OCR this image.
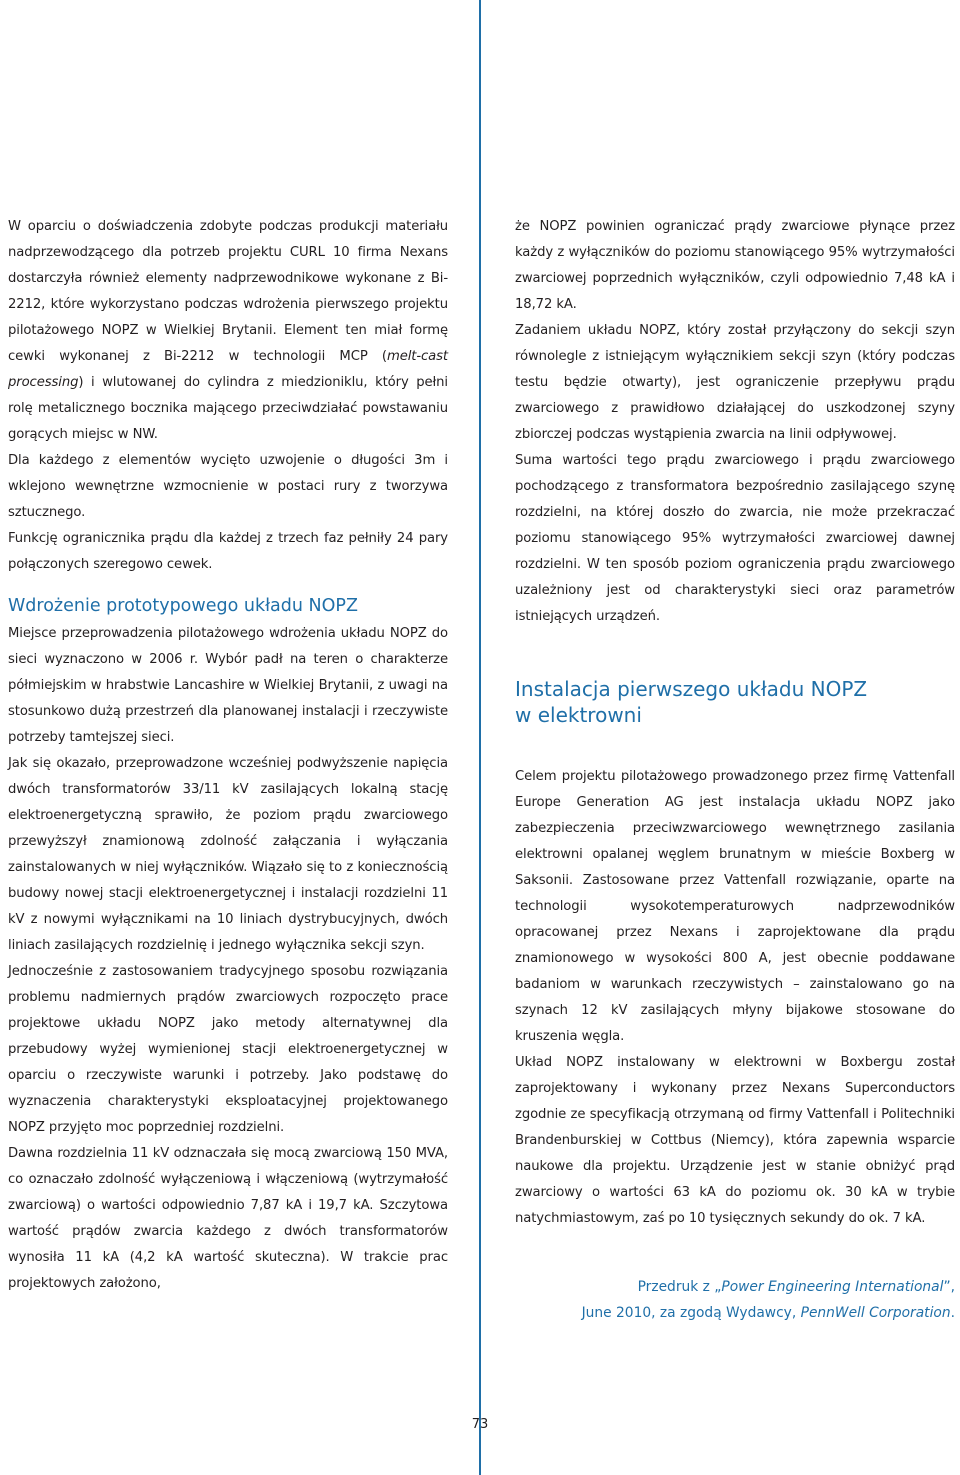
W oparciu o doświadczenia zdobyte podczas produkcji materiału nadprzewodzącego dla potrzeb projektu CURL 10 firma Nexans dostarczyła również elementy nadprzewodnikowe wykonane z Bi-2212, które wykorzystano podczas wdrożenia pierwszego projektu pilotażowego NOPZ w Wielkiej Brytanii. Element ten miał formę cewki wykonanej z Bi-2212 w technologii MCP (melt-cast processing) i wlutowanej do cylindra z miedzioniklu, który pełni rolę metalicznego bocznika mającego przeciwdziałać powstawaniu gorących miejsc w NW.

Dla każdego z elementów wycięto uzwojenie o długości 3m i wklejono wewnętrzne wzmocnienie w postaci rury z tworzywa sztucznego.

Funkcję ogranicznika prądu dla każdej z trzech faz pełniły 24 pary połączonych szeregowo cewek.

Wdrożenie prototypowego układu NOPZ

Miejsce przeprowadzenia pilotażowego wdrożenia układu NOPZ do sieci wyznaczono w 2006 r. Wybór padł na teren o charakterze półmiejskim w hrabstwie Lancashire w Wielkiej Brytanii, z uwagi na stosunkowo dużą przestrzeń dla planowanej instalacji i rzeczywiste potrzeby tamtejszej sieci.

Jak się okazało, przeprowadzone wcześniej podwyższenie napięcia dwóch transformatorów 33/11 kV zasilających lokalną stację elektroenergetyczną sprawiło, że poziom prądu zwarciowego przewyższył znamionową zdolność załączania i wyłączania zainstalowanych w niej wyłączników. Wiązało się to z koniecznością budowy nowej stacji elektroenergetycznej i instalacji rozdzielni 11 kV z nowymi wyłącznikami na 10 liniach dystrybucyjnych, dwóch liniach zasilających rozdzielnię i jednego wyłącznika sekcji szyn.

Jednocześnie z zastosowaniem tradycyjnego sposobu rozwiązania problemu nadmiernych prądów zwarciowych rozpoczęto prace projektowe układu NOPZ jako metody alternatywnej dla przebudowy wyżej wymienionej stacji elektroenergetycznej w oparciu o rzeczywiste warunki i potrzeby. Jako podstawę do wyznaczenia charakterystyki eksploatacyjnej projektowanego NOPZ przyjęto moc poprzedniej rozdzielni.

Dawna rozdzielnia 11 kV odznaczała się mocą zwarciową 150 MVA, co oznaczało zdolność wyłączeniową i włączeniową (wytrzymałość zwarciową) o wartości odpowiednio 7,87 kA i 19,7 kA. Szczytowa wartość prądów zwarcia każdego z dwóch transformatorów wynosiła 11 kA (4,2 kA wartość skuteczna). W trakcie prac projektowych założono,

że NOPZ powinien ograniczać prądy zwarciowe płynące przez każdy z wyłączników do poziomu stanowiącego 95% wytrzymałości zwarciowej poprzednich wyłączników, czyli odpowiednio 7,48 kA i 18,72 kA.

Zadaniem układu NOPZ, który został przyłączony do sekcji szyn równolegle z istniejącym wyłącznikiem sekcji szyn (który podczas testu będzie otwarty), jest ograniczenie przepływu prądu zwarciowego z prawidłowo działającej do uszkodzonej szyny zbiorczej podczas wystąpienia zwarcia na linii odpływowej.

Suma wartości tego prądu zwarciowego i prądu zwarciowego pochodzącego z transformatora bezpośrednio zasilającego szynę rozdzielni, na której doszło do zwarcia, nie może przekraczać poziomu stanowiącego 95% wytrzymałości zwarciowej dawnej rozdzielni. W ten sposób poziom ograniczenia prądu zwarciowego uzależniony jest od charakterystyki sieci oraz parametrów istniejących urządzeń.

Instalacja pierwszego układu NOPZ
w elektrowni

Celem projektu pilotażowego prowadzonego przez firmę Vattenfall Europe Generation AG jest instalacja układu NOPZ jako zabezpieczenia przeciwzwarciowego wewnętrznego zasilania elektrowni opalanej węglem brunatnym w mieście Boxberg w Saksonii. Zastosowane przez Vattenfall rozwiązanie, oparte na technologii wysokotemperaturowych nadprzewodników opracowanej przez Nexans i zaprojektowane dla prądu znamionowego w wysokości 800 A, jest obecnie poddawane badaniom w warunkach rzeczywistych – zainstalowano go na szynach 12 kV zasilających młyny bijakowe stosowane do kruszenia węgla.

Układ NOPZ instalowany w elektrowni w Boxbergu został zaprojektowany i wykonany przez Nexans Superconductors zgodnie ze specyfikacją otrzymaną od firmy Vattenfall i Politechniki Brandenburskiej w Cottbus (Niemcy), która zapewnia wsparcie naukowe dla projektu. Urządzenie jest w stanie obniżyć prąd zwarciowy o wartości 63 kA do poziomu ok. 30 kA w trybie natychmiastowym, zaś po 10 tysięcznych sekundy do ok. 7 kA.

Przedruk z „Power Engineering International”,
June 2010, za zgodą Wydawcy, PennWell Corporation.
73
